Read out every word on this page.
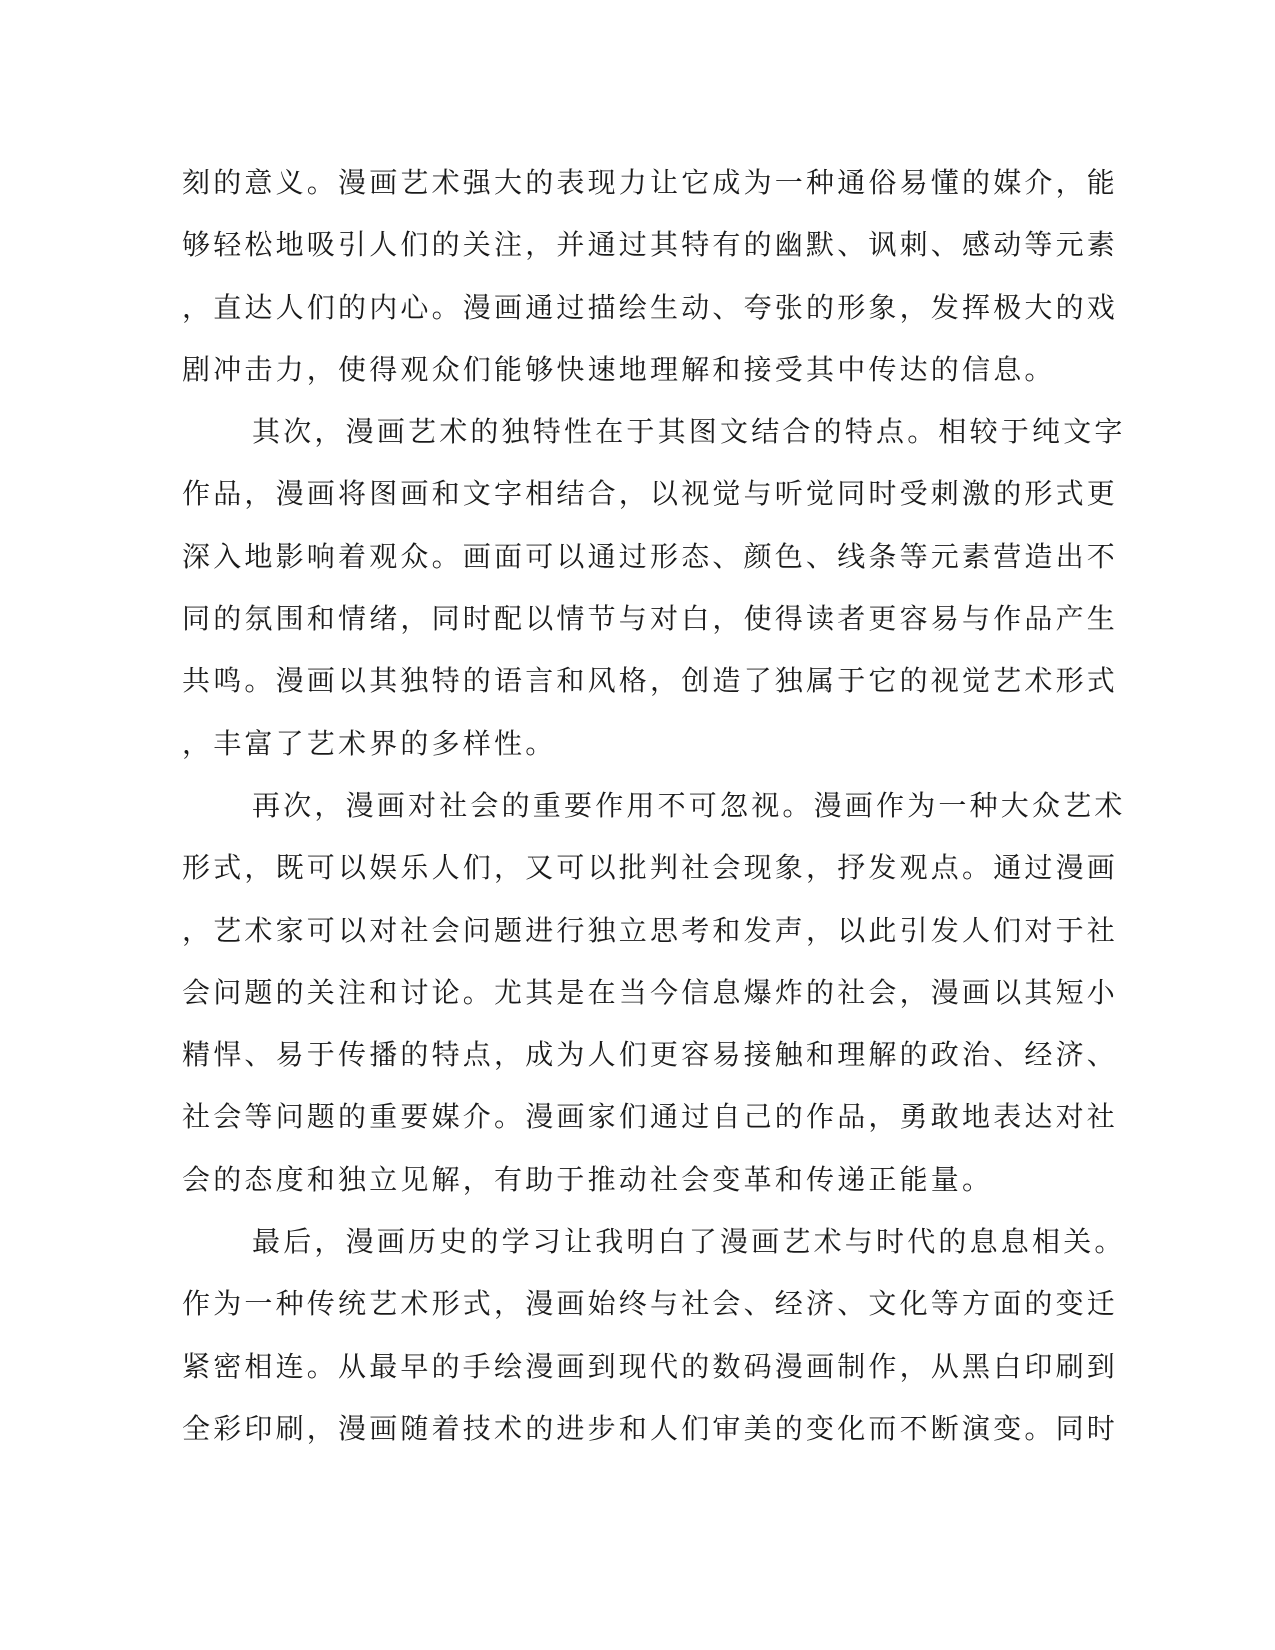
刻的意义。漫画艺术强大的表现力让它成为一种通俗易懂的媒介，能
够轻松地吸引人们的关注，并通过其特有的幽默、讽刺、感动等元素
，直达人们的内心。漫画通过描绘生动、夸张的形象，发挥极大的戏
剧冲击力，使得观众们能够快速地理解和接受其中传达的信息。
其次，漫画艺术的独特性在于其图文结合的特点。相较于纯文字
作品，漫画将图画和文字相结合，以视觉与听觉同时受刺激的形式更
深入地影响着观众。画面可以通过形态、颜色、线条等元素营造出不
同的氛围和情绪，同时配以情节与对白，使得读者更容易与作品产生
共鸣。漫画以其独特的语言和风格，创造了独属于它的视觉艺术形式
，丰富了艺术界的多样性。
再次，漫画对社会的重要作用不可忽视。漫画作为一种大众艺术
形式，既可以娱乐人们，又可以批判社会现象，抒发观点。通过漫画
，艺术家可以对社会问题进行独立思考和发声，以此引发人们对于社
会问题的关注和讨论。尤其是在当今信息爆炸的社会，漫画以其短小
精悍、易于传播的特点，成为人们更容易接触和理解的政治、经济、
社会等问题的重要媒介。漫画家们通过自己的作品，勇敢地表达对社
会的态度和独立见解，有助于推动社会变革和传递正能量。
最后，漫画历史的学习让我明白了漫画艺术与时代的息息相关。
作为一种传统艺术形式，漫画始终与社会、经济、文化等方面的变迁
紧密相连。从最早的手绘漫画到现代的数码漫画制作，从黑白印刷到
全彩印刷，漫画随着技术的进步和人们审美的变化而不断演变。同时
